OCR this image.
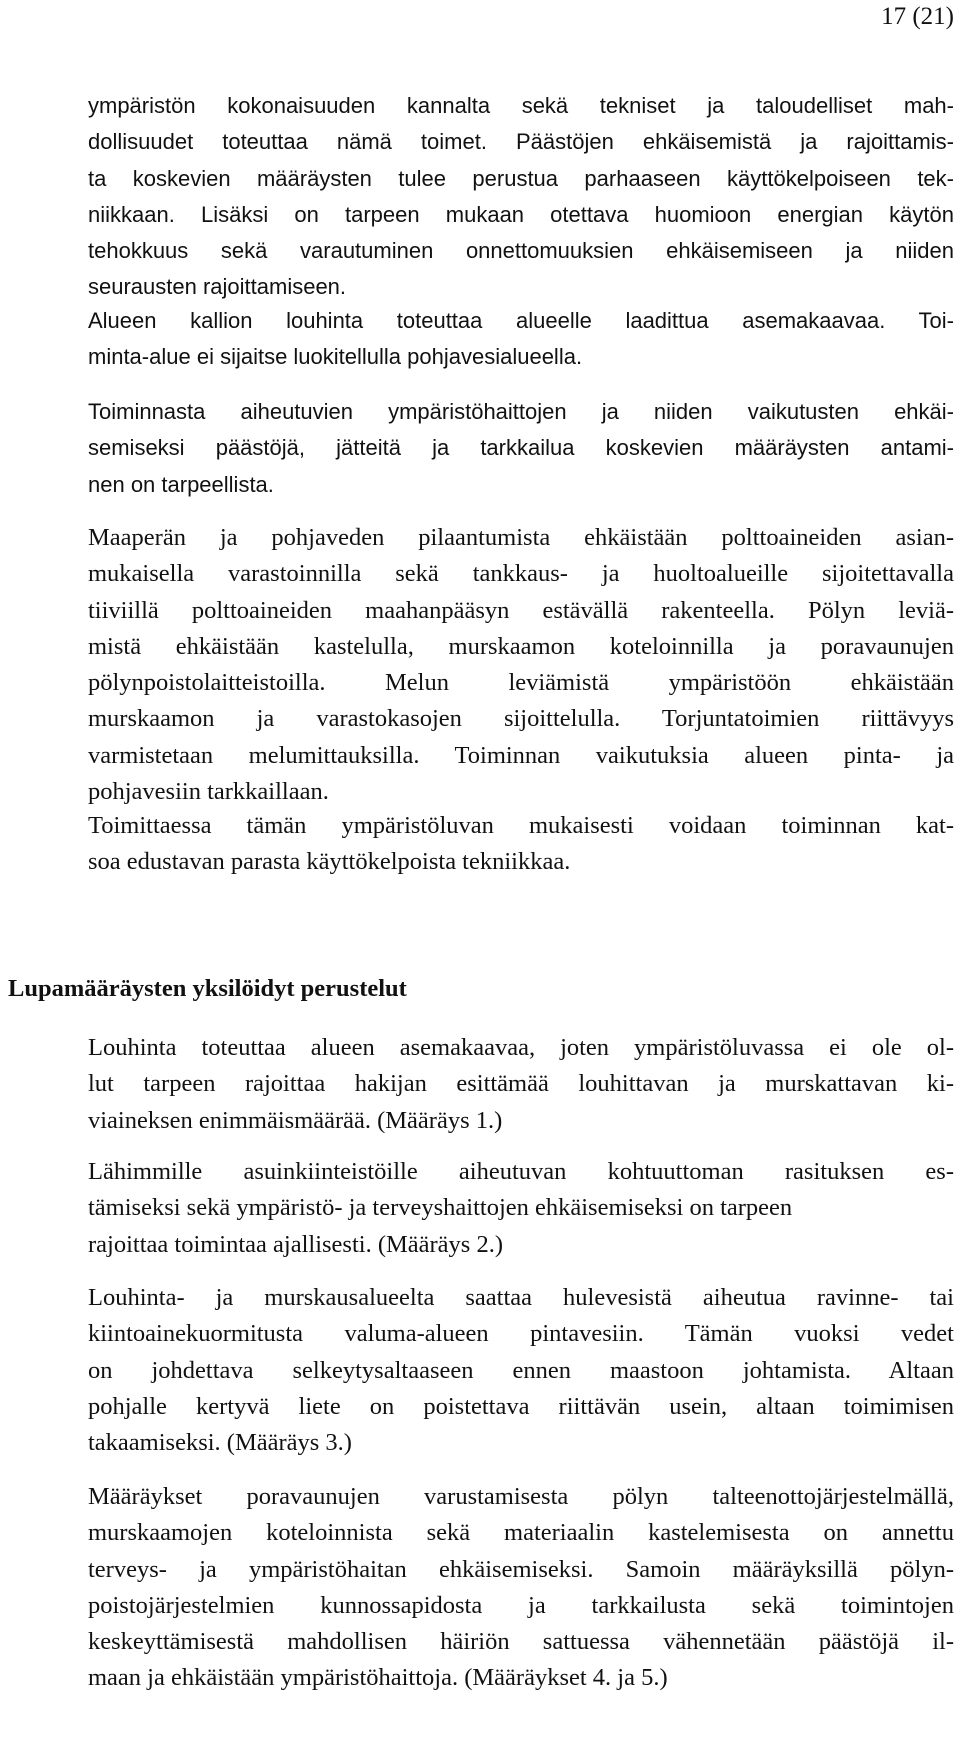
17 (21)

ympäristön kokonaisuuden kannalta sekä tekniset ja taloudelliset mah-
dollisuudet toteuttaa nämä toimet. Päästöjen ehkäisemistä ja rajoittamis-
ta koskevien määräysten tulee perustua parhaaseen käyttökelpoiseen tek-
niikkaan. Lisäksi on tarpeen mukaan otettava huomioon energian käytön
tehokkuus sekä varautuminen onnettomuuksien ehkäisemiseen ja niiden
seurausten rajoittamiseen.

Alueen kallion louhinta toteuttaa alueelle laadittua asemakaavaa. Toi-
minta-alue ei sijaitse luokitellulla pohjavesialueella.

Toiminnasta aiheutuvien ympäristöhaittojen ja niiden vaikutusten ehkäi-
semiseksi päästöjä, jätteitä ja tarkkailua koskevien määräysten antami-
nen on tarpeellista.

Maaperän ja pohjaveden pilaantumista ehkäistään polttoaineiden asian-
mukaisella varastoinnilla sekä tankkaus- ja huoltoalueille sijoitettavalla
tiiviillä polttoaineiden maahanpääsyn estävällä rakenteella. Pölyn leviä-
mistä ehkäistään kastelulla, murskaamon koteloinnilla ja poravaunujen
pölynpoistolaitteistoilla. Melun leviämistä ympäristöön ehkäistään
murskaamon ja varastokasojen sijoittelulla. Torjuntatoimien riittävyys
varmistetaan melumittauksilla. Toiminnan vaikutuksia alueen pinta- ja
pohjavesiin tarkkaillaan.

Toimittaessa tämän ympäristöluvan mukaisesti voidaan toiminnan kat-
soa edustavan parasta käyttökelpoista tekniikkaa.

Lupamääräysten yksilöidyt perustelut

Louhinta toteuttaa alueen asemakaavaa, joten ympäristöluvassa ei ole ol-
lut tarpeen rajoittaa hakijan esittämää louhittavan ja murskattavan ki-
viaineksen enimmäismäärää. (Määräys 1.)

Lähimmille asuinkiinteistöille aiheutuvan kohtuuttoman rasituksen es-
tämiseksi sekä ympäristö- ja terveyshaittojen ehkäisemiseksi on tarpeen
rajoittaa toimintaa ajallisesti. (Määräys 2.)

Louhinta- ja murskausalueelta saattaa hulevesistä aiheutua ravinne- tai
kiintoainekuormitusta valuma-alueen pintavesiin. Tämän vuoksi vedet
on johdettava selkeytysaltaaseen ennen maastoon johtamista. Altaan
pohjalle kertyvä liete on poistettava riittävän usein, altaan toimimisen
takaamiseksi. (Määräys 3.)

Määräykset poravaunujen varustamisesta pölyn talteenottojärjestelmällä,
murskaamojen koteloinnista sekä materiaalin kastelemisesta on annettu
terveys- ja ympäristöhaitan ehkäisemiseksi. Samoin määräyksillä pölyn-
poistojärjestelmien kunnossapidosta ja tarkkailusta sekä toimintojen
keskeyttämisestä mahdollisen häiriön sattuessa vähennetään päästöjä il-
maan ja ehkäistään ympäristöhaittoja. (Määräykset 4. ja 5.)
